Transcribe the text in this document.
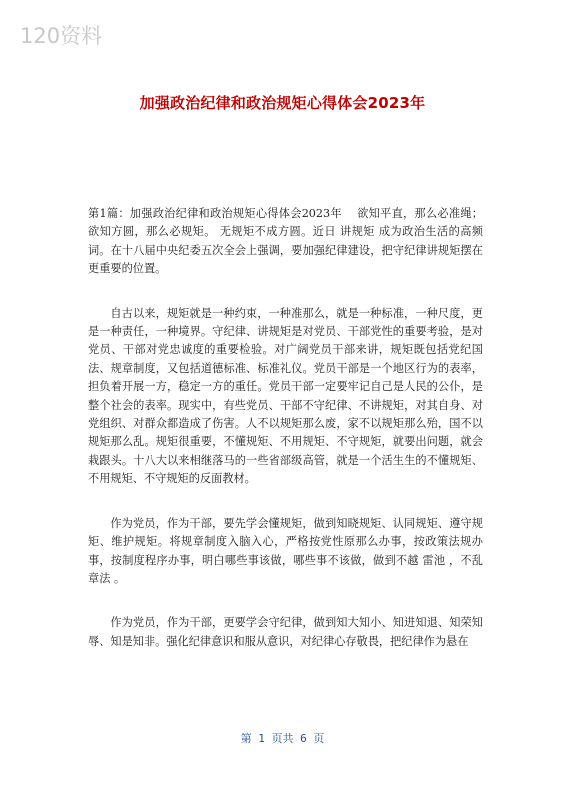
120资料
加强政治纪律和政治规矩心得体会2023年

第1篇：加强政治纪律和政治规矩心得体会2023年　 欲知平直，那么必准绳；欲知方圆，那么必规矩。 无规矩不成方圆。近日 讲规矩 成为政治生活的高频词。在十八届中央纪委五次全会上强调，要加强纪律建设，把守纪律讲规矩摆在更重要的位置。

自古以来，规矩就是一种约束，一种准那么，就是一种标准，一种尺度，更是一种责任，一种境界。守纪律、讲规矩是对党员、干部党性的重要考验，是对党员、干部对党忠诚度的重要检验。对广阔党员干部来讲，规矩既包括党纪国法、规章制度，又包括道德标准、标准礼仪。党员干部是一个地区行为的表率，担负着开展一方，稳定一方的重任。党员干部一定要牢记自己是人民的公仆，是整个社会的表率。现实中，有些党员、干部不守纪律、不讲规矩，对其自身、对党组织、对群众都造成了伤害。人不以规矩那么废，家不以规矩那么殆，国不以规矩那么乱。规矩很重要，不懂规矩、不用规矩、不守规矩，就要出问题，就会栽跟头。十八大以来相继落马的一些省部级高管，就是一个活生生的不懂规矩、不用规矩、不守规矩的反面教材。

作为党员，作为干部，要先学会懂规矩，做到知晓规矩、认同规矩、遵守规矩、维护规矩。将规章制度入脑入心，严格按党性原那么办事，按政策法规办事，按制度程序办事，明白哪些事该做，哪些事不该做，做到不越 雷池 ，不乱 章法 。

作为党员，作为干部，更要学会守纪律，做到知大知小、知进知退、知荣知辱、知是知非。强化纪律意识和服从意识，对纪律心存敬畏，把纪律作为悬在

第 1 页共 6 页
